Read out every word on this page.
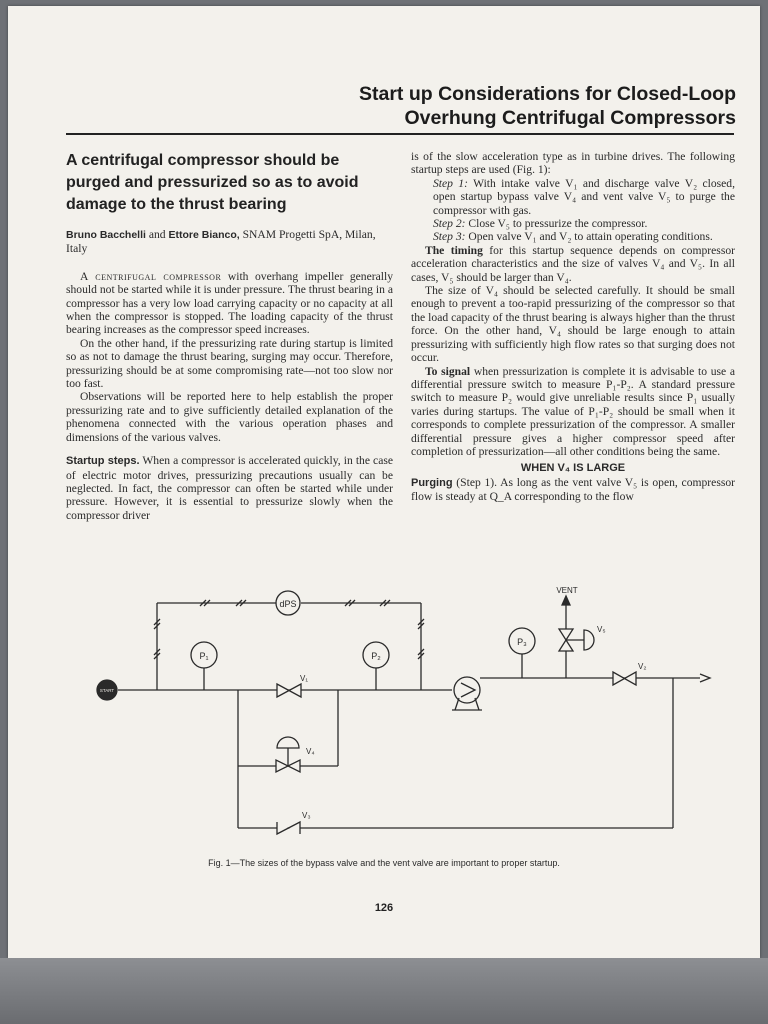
Start up Considerations for Closed-Loop
Overhung Centrifugal Compressors

A centrifugal compressor should be purged and pressurized so as to avoid damage to the thrust bearing

Bruno Bacchelli and Ettore Bianco, SNAM Progetti SpA, Milan, Italy

A centrifugal compressor with overhang impeller generally should not be started while it is under pressure. The thrust bearing in a compressor has a very low load carrying capacity or no capacity at all when the compressor is stopped. The loading capacity of the thrust bearing increases as the compressor speed increases.

On the other hand, if the pressurizing rate during startup is limited so as not to damage the thrust bearing, surging may occur. Therefore, pressurizing should be at some compromising rate—not too slow nor too fast.

Observations will be reported here to help establish the proper pressurizing rate and to give sufficiently detailed explanation of the phenomena connected with the various operation phases and dimensions of the various valves.

Startup steps. When a compressor is accelerated quickly, in the case of electric motor drives, pressurizing precautions usually can be neglected. In fact, the compressor can often be started while under pressure. However, it is essential to pressurize slowly when the compressor driver

is of the slow acceleration type as in turbine drives. The following startup steps are used (Fig. 1):

Step 1: With intake valve V₁ and discharge valve V₂ closed, open startup bypass valve V₄ and vent valve V₅ to purge the compressor with gas.

Step 2: Close V₅ to pressurize the compressor.

Step 3: Open valve V₁ and V₂ to attain operating conditions.

The timing for this startup sequence depends on compressor acceleration characteristics and the size of valves V₄ and V₅. In all cases, V₅ should be larger than V₄.

The size of V₄ should be selected carefully. It should be small enough to prevent a too-rapid pressurizing of the compressor so that the load capacity of the thrust bearing is always higher than the thrust force. On the other hand, V₄ should be large enough to attain pressurizing with sufficiently high flow rates so that surging does not occur.

To signal when pressurization is complete it is advisable to use a differential pressure switch to measure P₁-P₂. A standard pressure switch to measure P₂ would give unreliable results since P₁ usually varies during startups. The value of P₁-P₂ should be small when it corresponds to complete pressurization of the compressor. A smaller differential pressure gives a higher compressor speed after completion of pressurization—all other conditions being the same.

WHEN V₄ IS LARGE

Purging (Step 1). As long as the vent valve V₅ is open, compressor flow is steady at Q_A corresponding to the flow

dPS
START
P₁	P₂
V₁
V₄
V₃
P₃
V₅
VENT
V₂
Fig. 1—The sizes of the bypass valve and the vent valve are important to proper startup.
126
